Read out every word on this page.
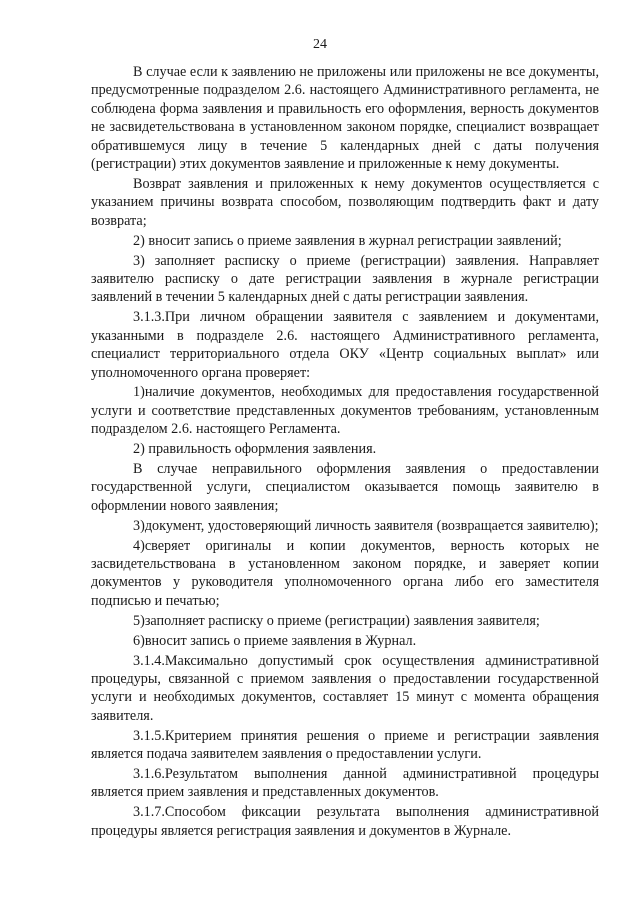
24

В случае если к заявлению не приложены или приложены не все документы, предусмотренные подразделом 2.6. настоящего Административного регламента, не соблюдена форма заявления и правильность его оформления, верность документов не засвидетельствована в установленном законом порядке, специалист возвращает обратившемуся лицу в течение 5 календарных дней с даты получения (регистрации) этих документов заявление и приложенные к нему документы.

Возврат заявления и приложенных к нему документов осуществляется с указанием причины возврата способом, позволяющим подтвердить факт и дату возврата;

2) вносит запись о приеме заявления в журнал регистрации заявлений;

3) заполняет расписку о приеме (регистрации) заявления. Направляет заявителю расписку о дате регистрации заявления в журнале регистрации заявлений в течении 5 календарных дней с даты регистрации заявления.

3.1.3.При личном обращении заявителя с заявлением и документами, указанными в подразделе 2.6. настоящего Административного регламента, специалист территориального отдела ОКУ «Центр социальных выплат» или уполномоченного органа проверяет:

1)наличие документов, необходимых для предоставления государственной услуги и соответствие представленных документов требованиям, установленным подразделом 2.6. настоящего Регламента.

2) правильность оформления заявления.

В случае неправильного оформления заявления о предоставлении государственной услуги, специалистом оказывается помощь заявителю в оформлении нового заявления;

3)документ, удостоверяющий личность заявителя (возвращается заявителю);

4)сверяет оригиналы и копии документов, верность которых не засвидетельствована в установленном законом порядке, и заверяет копии документов у руководителя уполномоченного органа либо его заместителя подписью и печатью;

5)заполняет расписку о приеме (регистрации) заявления заявителя;

6)вносит запись о приеме заявления в Журнал.

3.1.4.Максимально допустимый срок осуществления административной процедуры, связанной с приемом заявления о предоставлении государственной услуги и необходимых документов, составляет 15 минут с момента обращения заявителя.

3.1.5.Критерием принятия решения о приеме и регистрации заявления является подача заявителем заявления о предоставлении услуги.

3.1.6.Результатом выполнения данной административной процедуры является прием заявления и представленных документов.

3.1.7.Способом фиксации результата выполнения административной процедуры является регистрация заявления и документов в Журнале.
